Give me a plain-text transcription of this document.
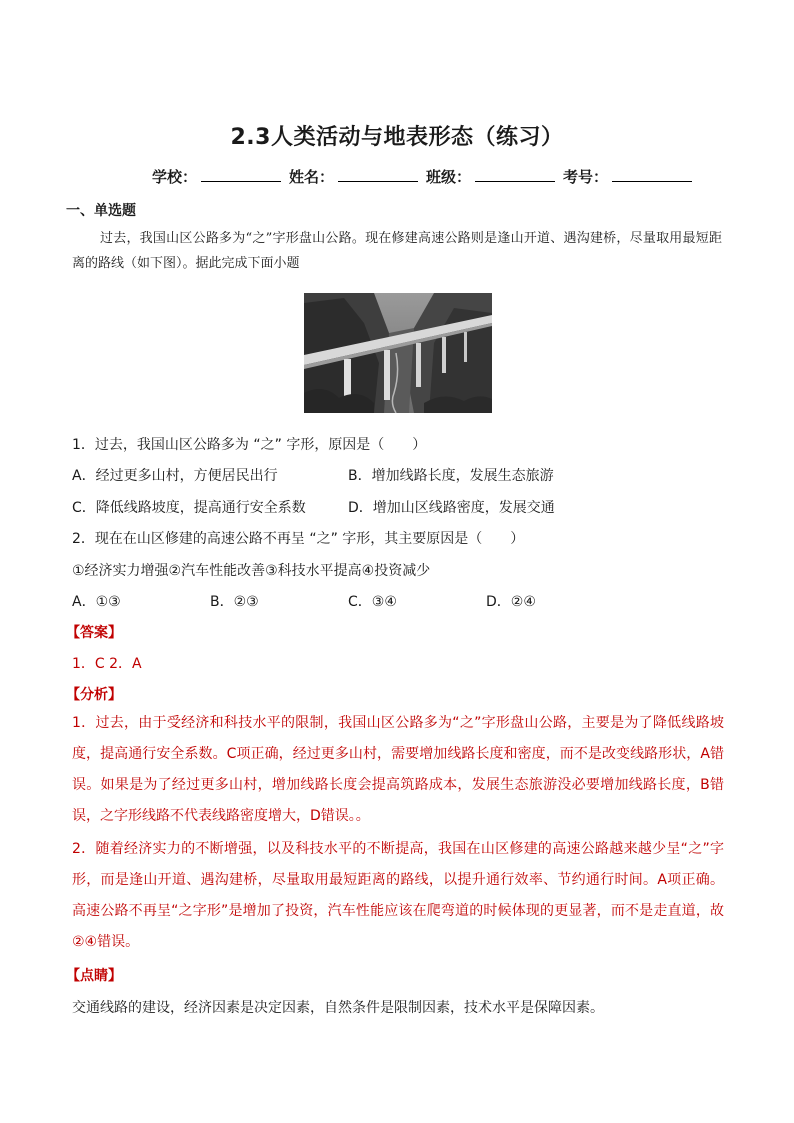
2.3人类活动与地表形态（练习）
学校：	姓名：	班级：	考号：
一、单选题
过去，我国山区公路多为“之”字形盘山公路。现在修建高速公路则是逢山开道、遇沟建桥，尽量取用最短距离的路线（如下图）。据此完成下面小题
1．过去，我国山区公路多为 “之” 字形，原因是（　　）
A．经过更多山村，方便居民出行	B．增加线路长度，发展生态旅游
C．降低线路坡度，提高通行安全系数	D．增加山区线路密度，发展交通
2．现在在山区修建的高速公路不再呈 “之” 字形，其主要原因是（　　）
①经济实力增强②汽车性能改善③科技水平提高④投资减少
A．①③	B．②③	C．③④	D．②④
【答案】
1．C 2．A
【分析】
1．过去，由于受经济和科技水平的限制，我国山区公路多为“之”字形盘山公路，主要是为了降低线路坡度，提高通行安全系数。C项正确，经过更多山村，需要增加线路长度和密度，而不是改变线路形状，A错误。如果是为了经过更多山村，增加线路长度会提高筑路成本，发展生态旅游没必要增加线路长度，B错误，之字形线路不代表线路密度增大，D错误。。
2．随着经济实力的不断增强，以及科技水平的不断提高，我国在山区修建的高速公路越来越少呈“之”字形，而是逢山开道、遇沟建桥，尽量取用最短距离的路线，以提升通行效率、节约通行时间。A项正确。高速公路不再呈“之字形”是增加了投资，汽车性能应该在爬弯道的时候体现的更显著，而不是走直道，故②④错误。
【点睛】
交通线路的建设，经济因素是决定因素，自然条件是限制因素，技术水平是保障因素。
